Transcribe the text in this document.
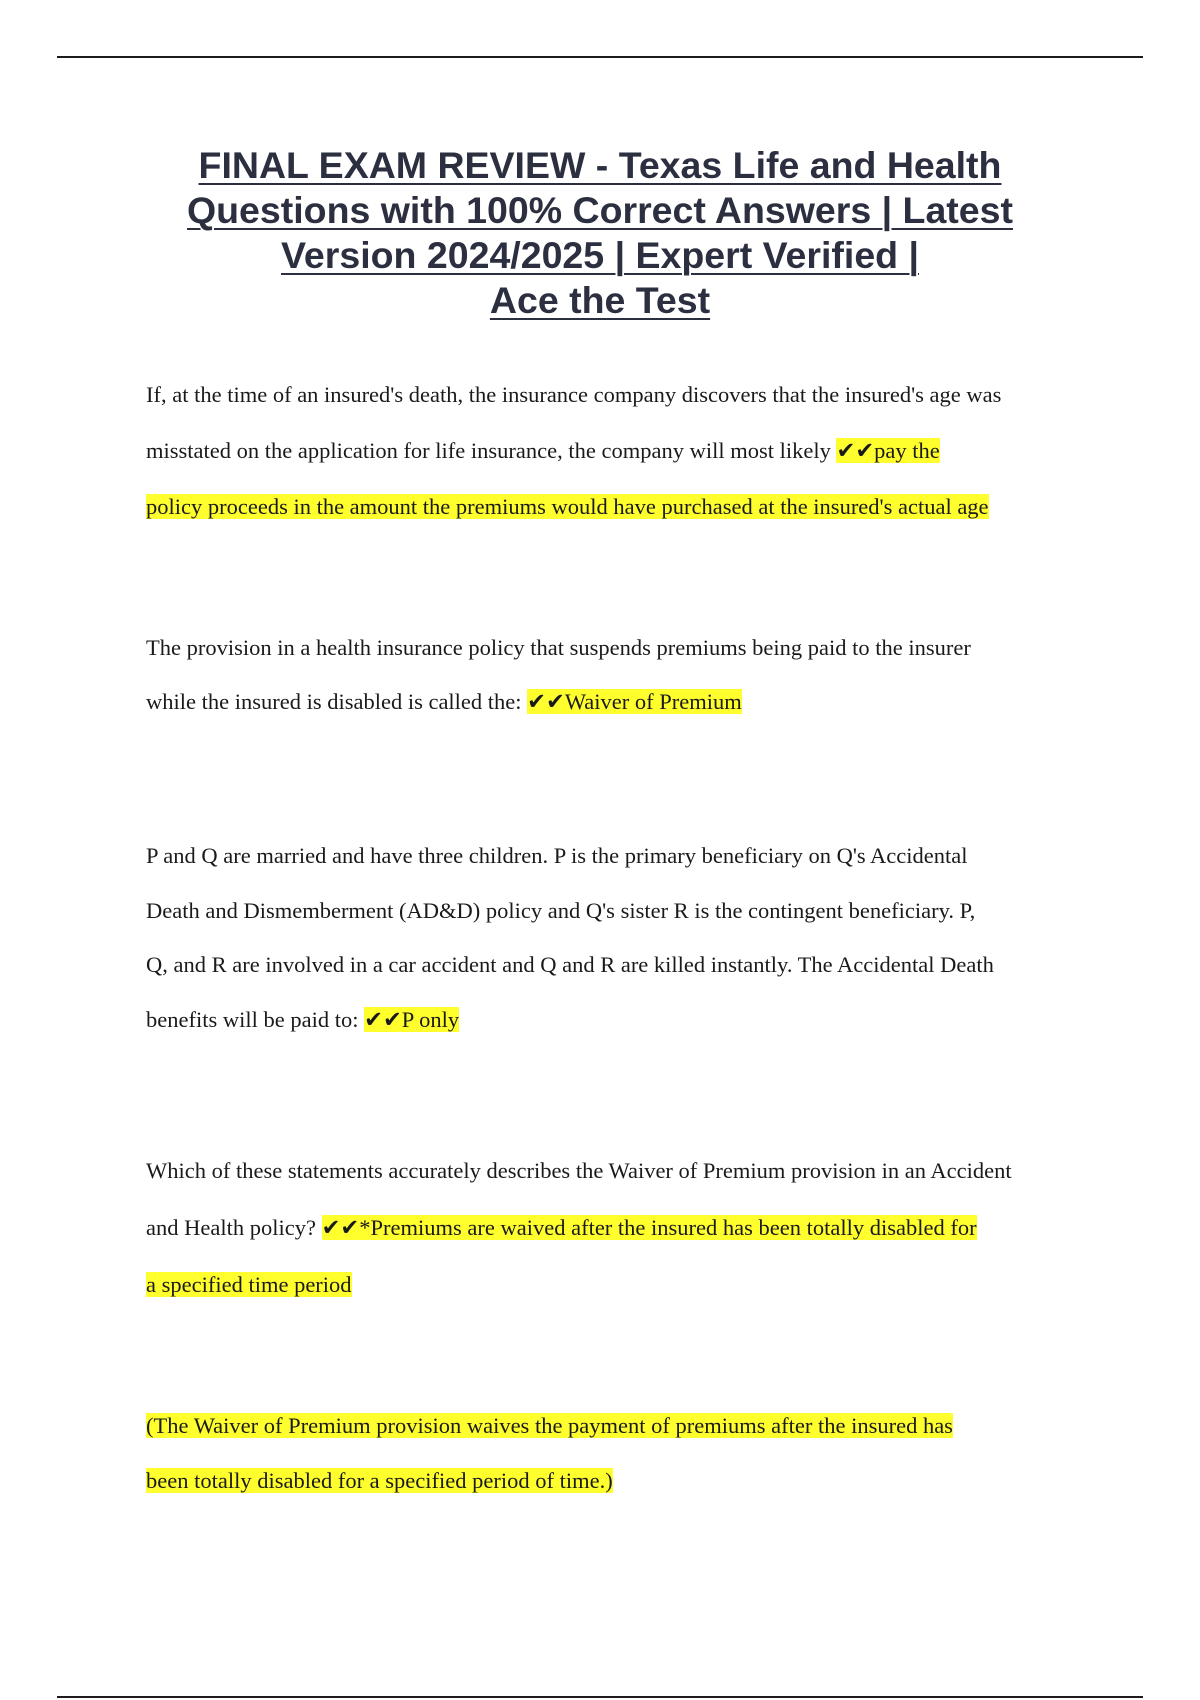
FINAL EXAM REVIEW - Texas Life and Health
Questions with 100% Correct Answers | Latest
Version 2024/2025 | Expert Verified |
Ace the Test
If, at the time of an insured's death, the insurance company discovers that the insured's age was
misstated on the application for life insurance, the company will most likely ✔✔pay the
policy proceeds in the amount the premiums would have purchased at the insured's actual age
The provision in a health insurance policy that suspends premiums being paid to the insurer
while the insured is disabled is called the: ✔✔Waiver of Premium
P and Q are married and have three children. P is the primary beneficiary on Q's Accidental
Death and Dismemberment (AD&D) policy and Q's sister R is the contingent beneficiary. P,
Q, and R are involved in a car accident and Q and R are killed instantly. The Accidental Death
benefits will be paid to: ✔✔P only
Which of these statements accurately describes the Waiver of Premium provision in an Accident
and Health policy? ✔✔*Premiums are waived after the insured has been totally disabled for
a specified time period
(The Waiver of Premium provision waives the payment of premiums after the insured has
been totally disabled for a specified period of time.)
